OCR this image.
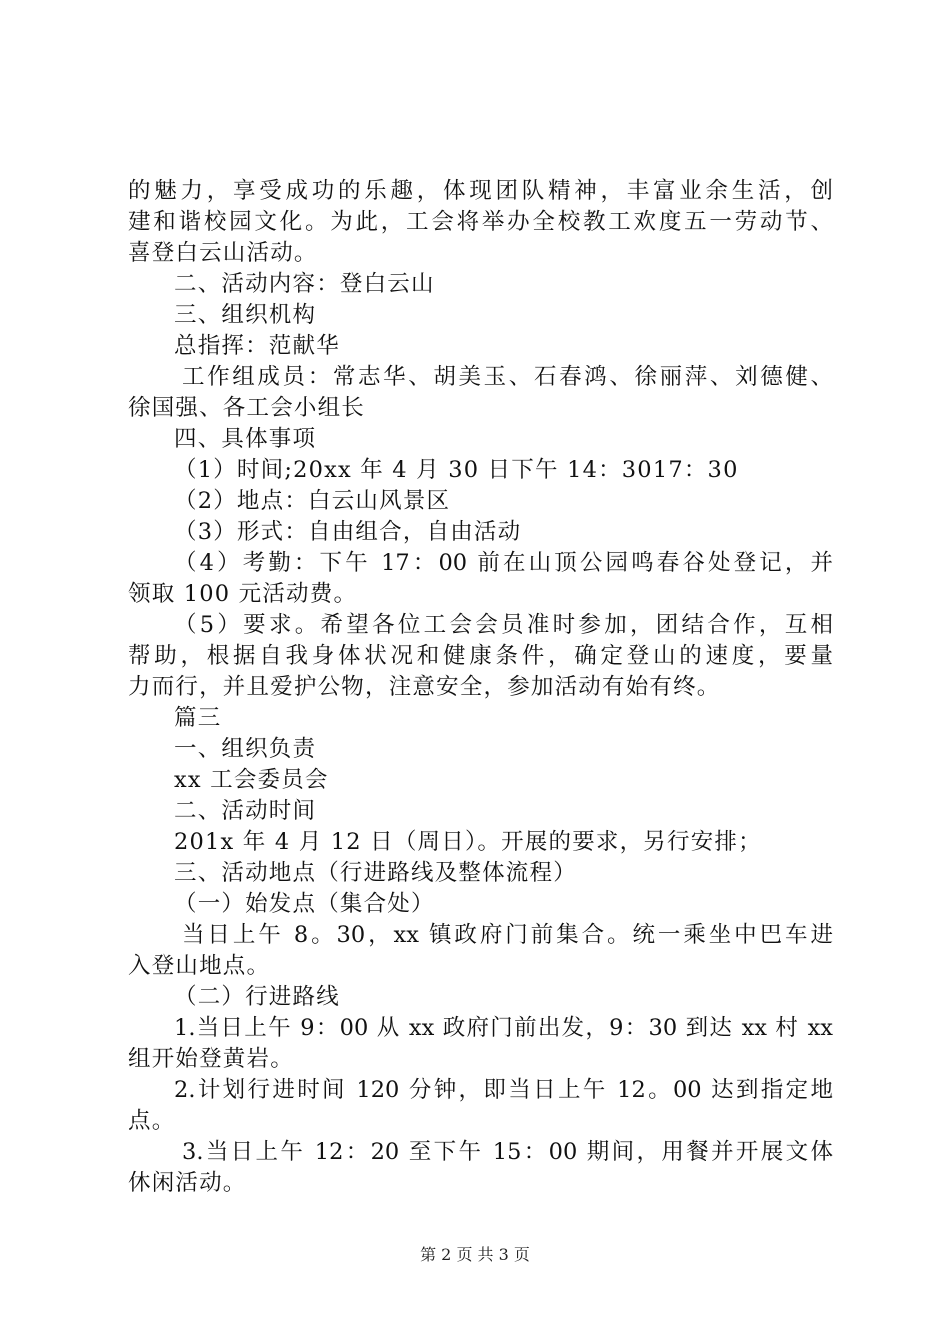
的魅力，享受成功的乐趣，体现团队精神，丰富业余生活，创
建和谐校园文化。为此，工会将举办全校教工欢度五一劳动节、
喜登白云山活动。
二、活动内容：登白云山
三、组织机构
总指挥：范献华
工作组成员：常志华、胡美玉、石春鸿、徐丽萍、刘德健、
徐国强、各工会小组长
四、具体事项
（1）时间;20xx 年 4 月 30 日下午 14：3017：30
（2）地点：白云山风景区
（3）形式：自由组合，自由活动
（4）考勤：下午 17：00 前在山顶公园鸣春谷处登记，并
领取 100 元活动费。
（5）要求。希望各位工会会员准时参加，团结合作，互相
帮助，根据自我身体状况和健康条件，确定登山的速度，要量
力而行，并且爱护公物，注意安全，参加活动有始有终。
篇三
一、组织负责
xx 工会委员会
二、活动时间
201x 年 4 月 12 日（周日）。开展的要求，另行安排；
三、活动地点（行进路线及整体流程）
（一）始发点（集合处）
当日上午 8。30，xx 镇政府门前集合。统一乘坐中巴车进
入登山地点。
（二）行进路线
1.当日上午 9：00 从 xx 政府门前出发，9：30 到达 xx 村 xx
组开始登黄岩。
2.计划行进时间 120 分钟，即当日上午 12。00 达到指定地
点。
3.当日上午 12：20 至下午 15：00 期间，用餐并开展文体
休闲活动。
第 2 页 共 3 页
